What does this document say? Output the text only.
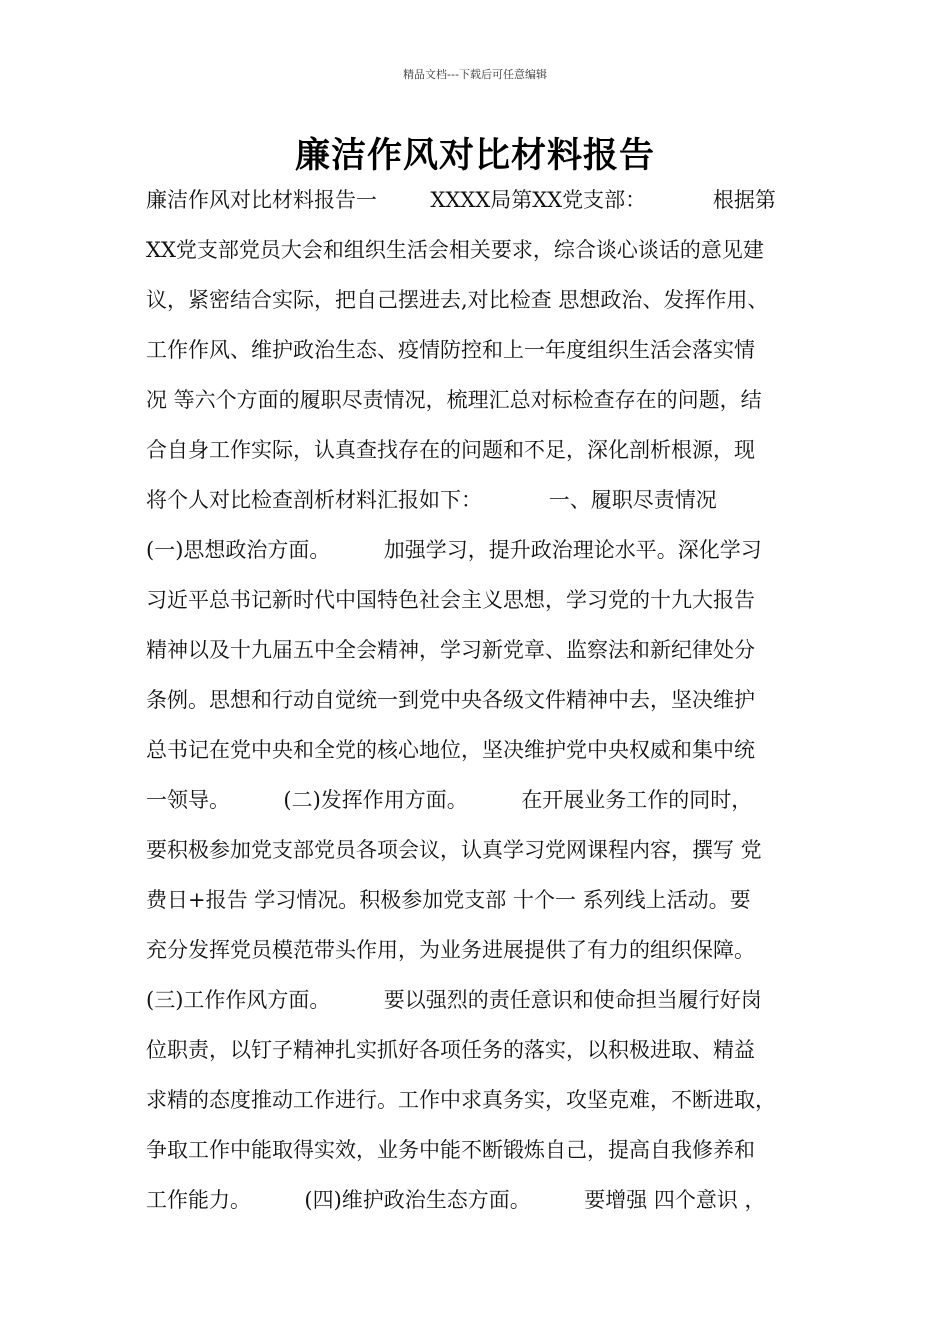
精品文档---下载后可任意编辑
廉洁作风对比材料报告
廉洁作风对比材料报告一        XXXX局第XX党支部：          根据第
XX党支部党员大会和组织生活会相关要求，综合谈心谈话的意见建
议，紧密结合实际，把自己摆进去,对比检查 思想政治、发挥作用、
工作作风、维护政治生态、疫情防控和上一年度组织生活会落实情
况 等六个方面的履职尽责情况，梳理汇总对标检查存在的问题，结
合自身工作实际，认真查找存在的问题和不足，深化剖析根源，现
将个人对比检查剖析材料汇报如下：          一、履职尽责情况
(一)思想政治方面。        加强学习，提升政治理论水平。深化学习
习近平总书记新时代中国特色社会主义思想，学习党的十九大报告
精神以及十九届五中全会精神，学习新党章、监察法和新纪律处分
条例。思想和行动自觉统一到党中央各级文件精神中去，坚决维护
总书记在党中央和全党的核心地位，坚决维护党中央权威和集中统
一领导。        (二)发挥作用方面。        在开展业务工作的同时，
要积极参加党支部党员各项会议，认真学习党网课程内容，撰写 党
费日+报告 学习情况。积极参加党支部 十个一 系列线上活动。要
充分发挥党员模范带头作用，为业务进展提供了有力的组织保障。
(三)工作作风方面。        要以强烈的责任意识和使命担当履行好岗
位职责，以钉子精神扎实抓好各项任务的落实，以积极进取、精益
求精的态度推动工作进行。工作中求真务实，攻坚克难，不断进取，
争取工作中能取得实效，业务中能不断锻炼自己，提高自我修养和
工作能力。        (四)维护政治生态方面。        要增强 四个意识 ，
